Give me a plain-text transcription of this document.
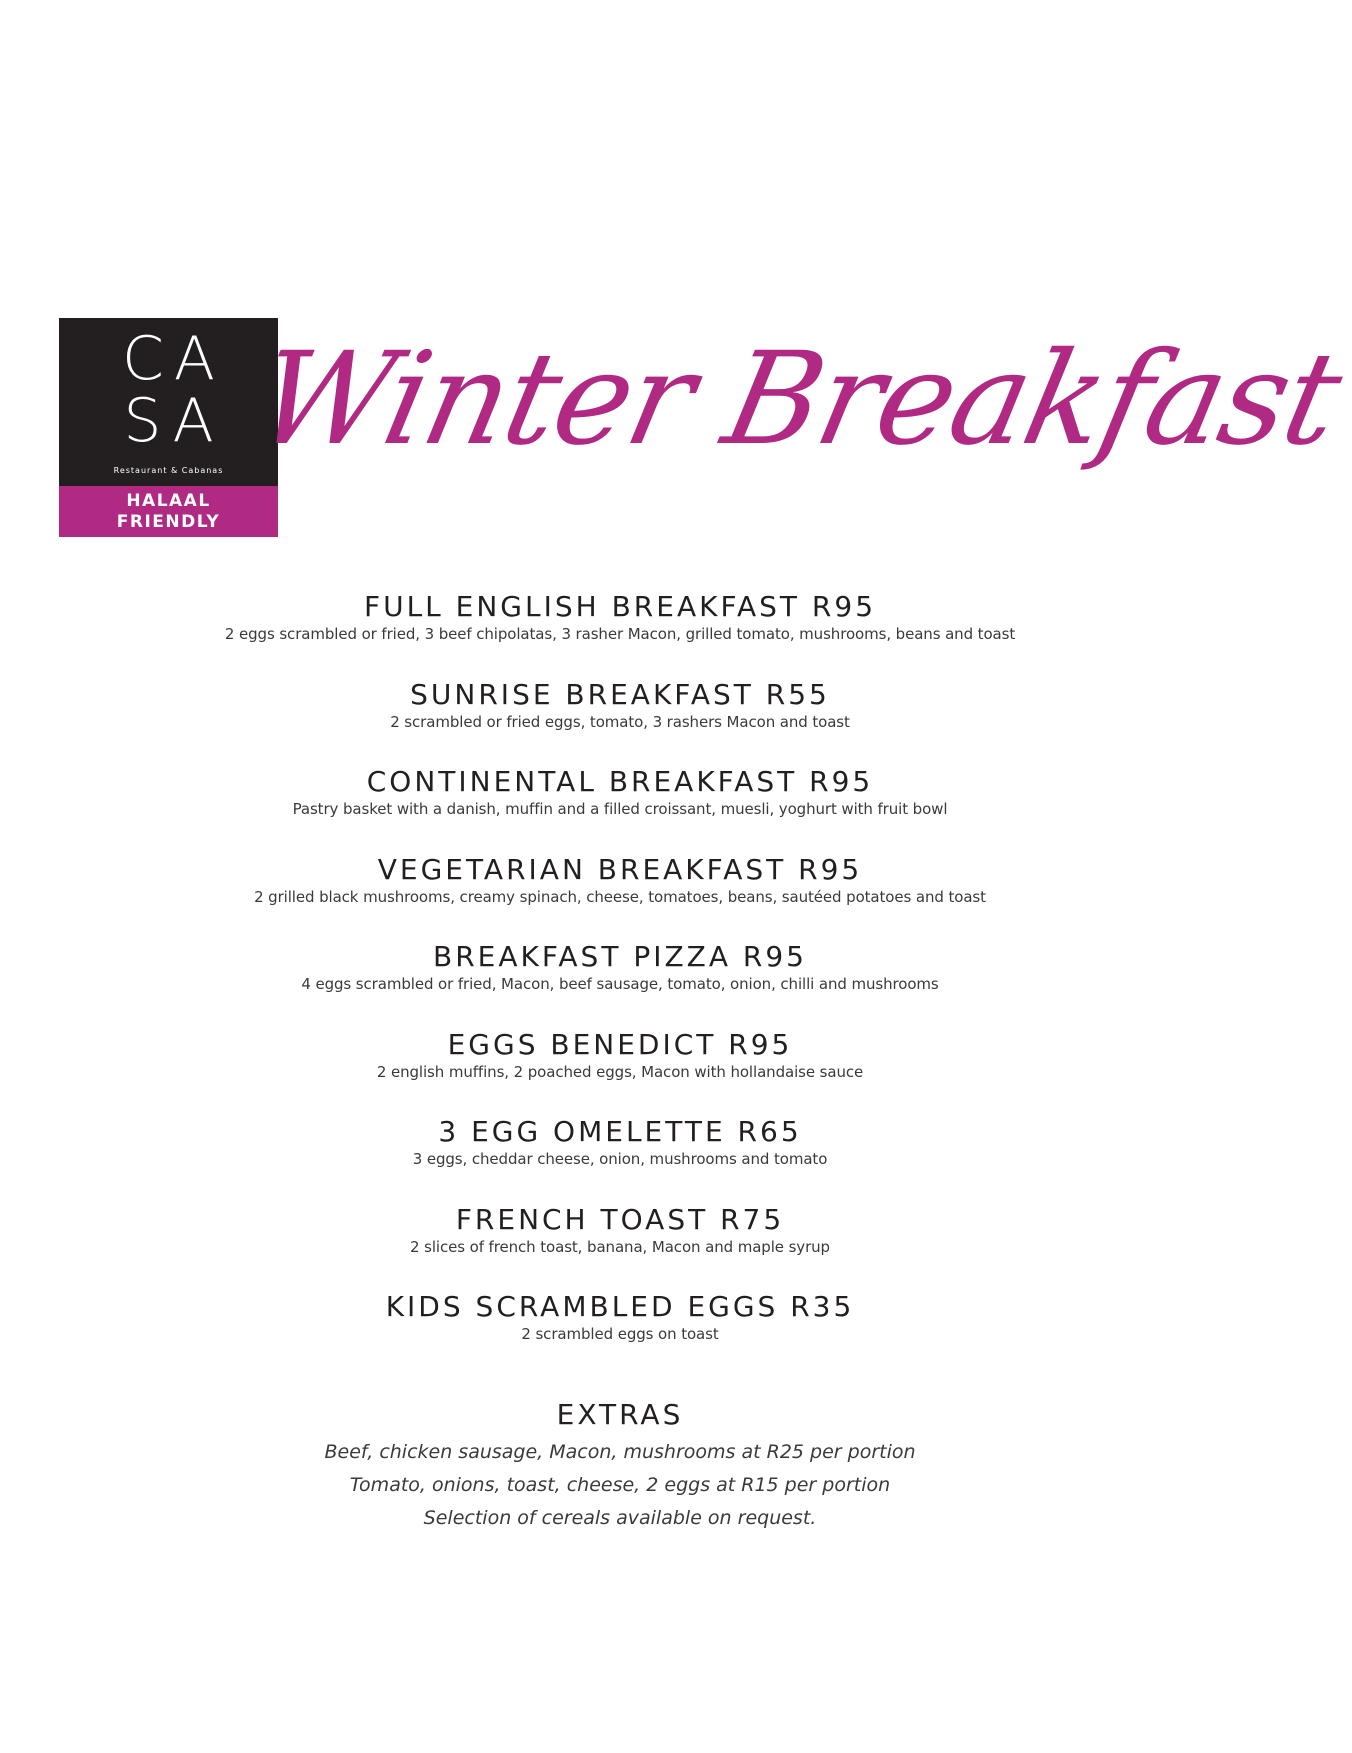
CA
SA
Restaurant & Cabanas
HALAAL
FRIENDLY
Winter Breakfast
FULL ENGLISH BREAKFAST R95
2 eggs scrambled or fried, 3 beef chipolatas, 3 rasher Macon, grilled tomato, mushrooms, beans and toast
SUNRISE BREAKFAST R55
2 scrambled or fried eggs, tomato, 3 rashers Macon and toast
CONTINENTAL BREAKFAST R95
Pastry basket with a danish, muffin and a filled croissant, muesli, yoghurt with fruit bowl
VEGETARIAN BREAKFAST R95
2 grilled black mushrooms, creamy spinach, cheese, tomatoes, beans, sautéed potatoes and toast
BREAKFAST PIZZA R95
4 eggs scrambled or fried, Macon, beef sausage, tomato, onion, chilli and mushrooms
EGGS BENEDICT R95
2 english muffins, 2 poached eggs, Macon with hollandaise sauce
3 EGG OMELETTE R65
3 eggs, cheddar cheese, onion, mushrooms and tomato
FRENCH TOAST R75
2 slices of french toast, banana, Macon and maple syrup
KIDS SCRAMBLED EGGS R35
2 scrambled eggs on toast
EXTRAS
Beef, chicken sausage, Macon, mushrooms at R25 per portion
Tomato, onions, toast, cheese, 2 eggs at R15 per portion
Selection of cereals available on request.
